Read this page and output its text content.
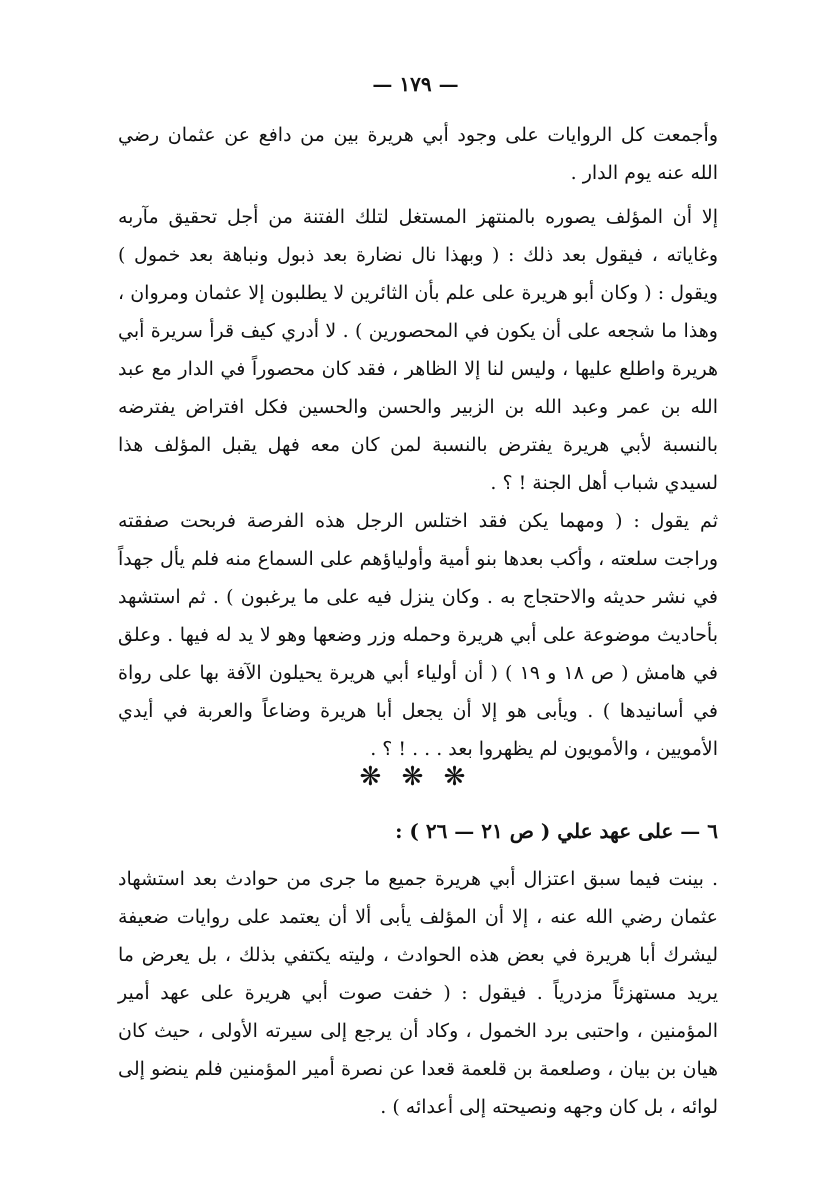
— ١٧٩ —

وأجمعت كل الروايات على وجود أبي هريرة بين من دافع عن عثمان رضي الله عنه يوم الدار .

إلا أن المؤلف يصوره بالمنتهز المستغل لتلك الفتنة من أجل تحقيق مآربه وغاياته ، فيقول بعد ذلك : ( وبهذا نال نضارة بعد ذبول ونباهة بعد خمول ) ويقول : ( وكان أبو هريرة على علم بأن الثائرين لا يطلبون إلا عثمان ومروان ، وهذا ما شجعه على أن يكون في المحصورين ) . لا أدري كيف قرأ سريرة أبي هريرة واطلع عليها ، وليس لنا إلا الظاهر ، فقد كان محصوراً في الدار مع عبد الله بن عمر وعبد الله بن الزبير والحسن والحسين فكل افتراض يفترضه بالنسبة لأبي هريرة يفترض بالنسبة لمن كان معه فهل يقبل المؤلف هذا لسيدي شباب أهل الجنة ! ؟ .

ثم يقول : ( ومهما يكن فقد اختلس الرجل هذه الفرصة فربحت صفقته وراجت سلعته ، وأكب بعدها بنو أمية وأولياؤهم على السماع منه فلم يأل جهداً في نشر حديثه والاحتجاج به . وكان ينزل فيه على ما يرغبون ) . ثم استشهد بأحاديث موضوعة على أبي هريرة وحمله وزر وضعها وهو لا يد له فيها . وعلق في هامش ( ص ١٨ و ١٩ ) ( أن أولياء أبي هريرة يحيلون الآفة بها على رواة في أسانيدها ) . ويأبى هو إلا أن يجعل أبا هريرة وضاعاً والعربة في أيدي الأمويين ، والأمويون لم يظهروا بعد . . . ! ؟ .

❋ ❋ ❋
٦ — على عهد علي ( ص ٢١ — ٢٦ ) :

. بينت فيما سبق اعتزال أبي هريرة جميع ما جرى من حوادث بعد استشهاد عثمان رضي الله عنه ، إلا أن المؤلف يأبى ألا أن يعتمد على روايات ضعيفة ليشرك أبا هريرة في بعض هذه الحوادث ، وليته يكتفي بذلك ، بل يعرض ما يريد مستهزئاً مزدرياً . فيقول : ( خفت صوت أبي هريرة على عهد أمير المؤمنين ، واحتبى برد الخمول ، وكاد أن يرجع إلى سيرته الأولى ، حيث كان هيان بن بيان ، وصلعمة بن قلعمة قعدا عن نصرة أمير المؤمنين فلم ينضو إلى لوائه ، بل كان وجهه ونصيحته إلى أعدائه ) .
